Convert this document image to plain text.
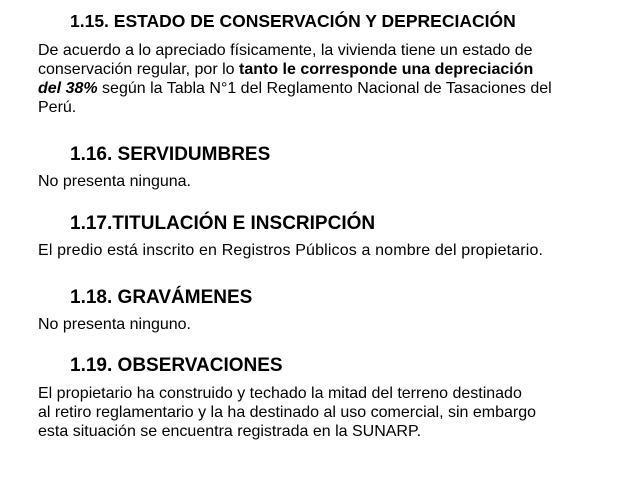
1.15. ESTADO DE CONSERVACIÓN Y DEPRECIACIÓN

De acuerdo a lo apreciado físicamente, la vivienda tiene un estado de
conservación regular, por lo tanto le corresponde una depreciación
del 38% según la Tabla N°1 del Reglamento Nacional de Tasaciones del
Perú.

1.16. SERVIDUMBRES

No presenta ninguna.

1.17.TITULACIÓN E INSCRIPCIÓN

El predio está inscrito en Registros Públicos a nombre del propietario.

1.18. GRAVÁMENES

No presenta ninguno.

1.19. OBSERVACIONES

El propietario ha construido y techado la mitad del terreno destinado
al retiro reglamentario y la ha destinado al uso comercial, sin embargo
esta situación se encuentra registrada en la SUNARP.
